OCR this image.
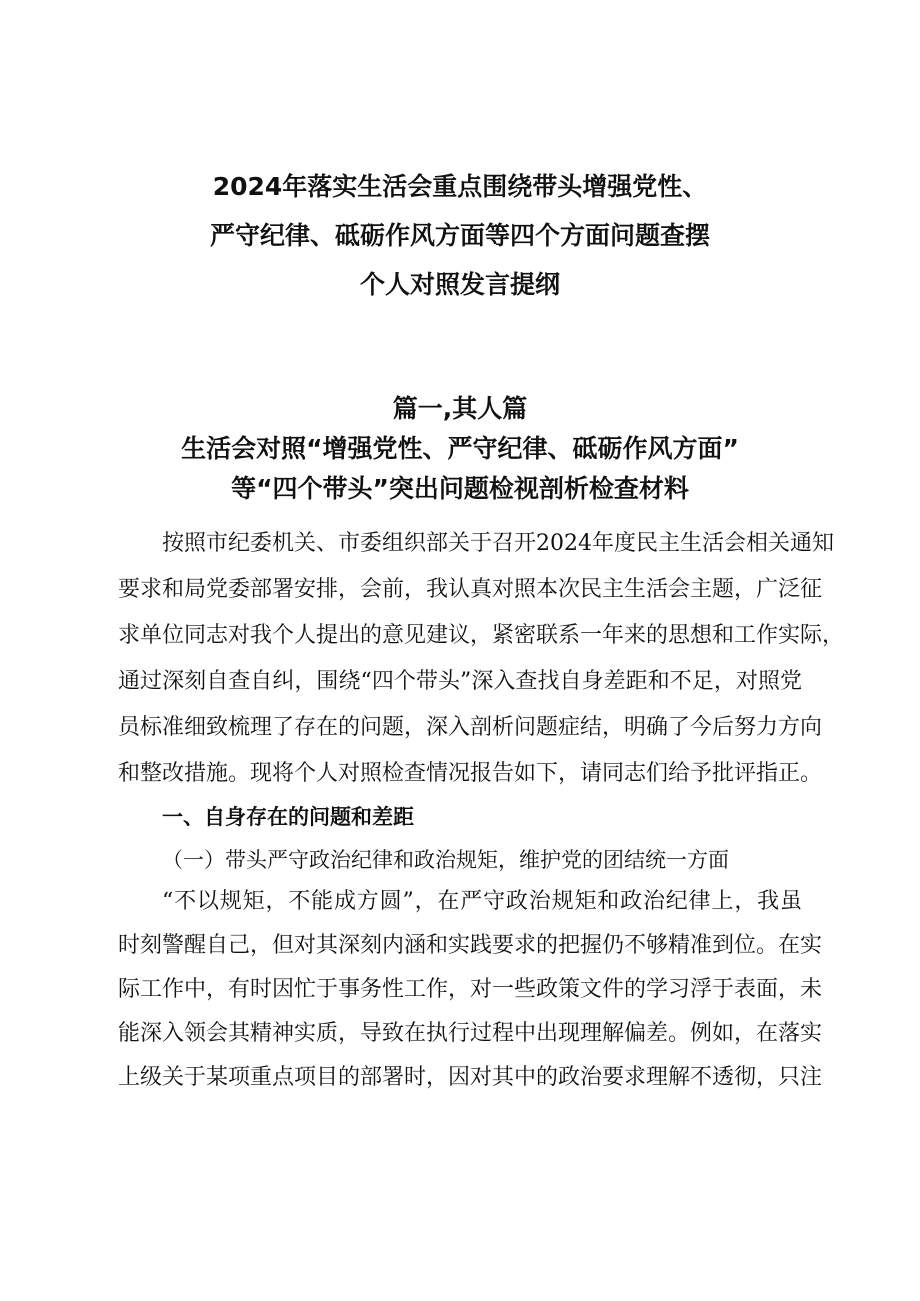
2024年落实生活会重点围绕带头增强党性、
严守纪律、砥砺作风方面等四个方面问题查摆
个人对照发言提纲
篇一,其人篇
生活会对照“增强党性、严守纪律、砥砺作风方面”
等“四个带头”突出问题检视剖析检查材料
按照市纪委机关、市委组织部关于召开2024年度民主生活会相关通知
要求和局党委部署安排，会前，我认真对照本次民主生活会主题，广泛征
求单位同志对我个人提出的意见建议，紧密联系一年来的思想和工作实际，
通过深刻自查自纠，围绕“四个带头”深入查找自身差距和不足，对照党
员标准细致梳理了存在的问题，深入剖析问题症结，明确了今后努力方向
和整改措施。现将个人对照检查情况报告如下，请同志们给予批评指正。
一、自身存在的问题和差距
（一）带头严守政治纪律和政治规矩，维护党的团结统一方面
“不以规矩，不能成方圆”，在严守政治规矩和政治纪律上，我虽
时刻警醒自己，但对其深刻内涵和实践要求的把握仍不够精准到位。在实
际工作中，有时因忙于事务性工作，对一些政策文件的学习浮于表面，未
能深入领会其精神实质，导致在执行过程中出现理解偏差。例如，在落实
上级关于某项重点项目的部署时，因对其中的政治要求理解不透彻，只注
